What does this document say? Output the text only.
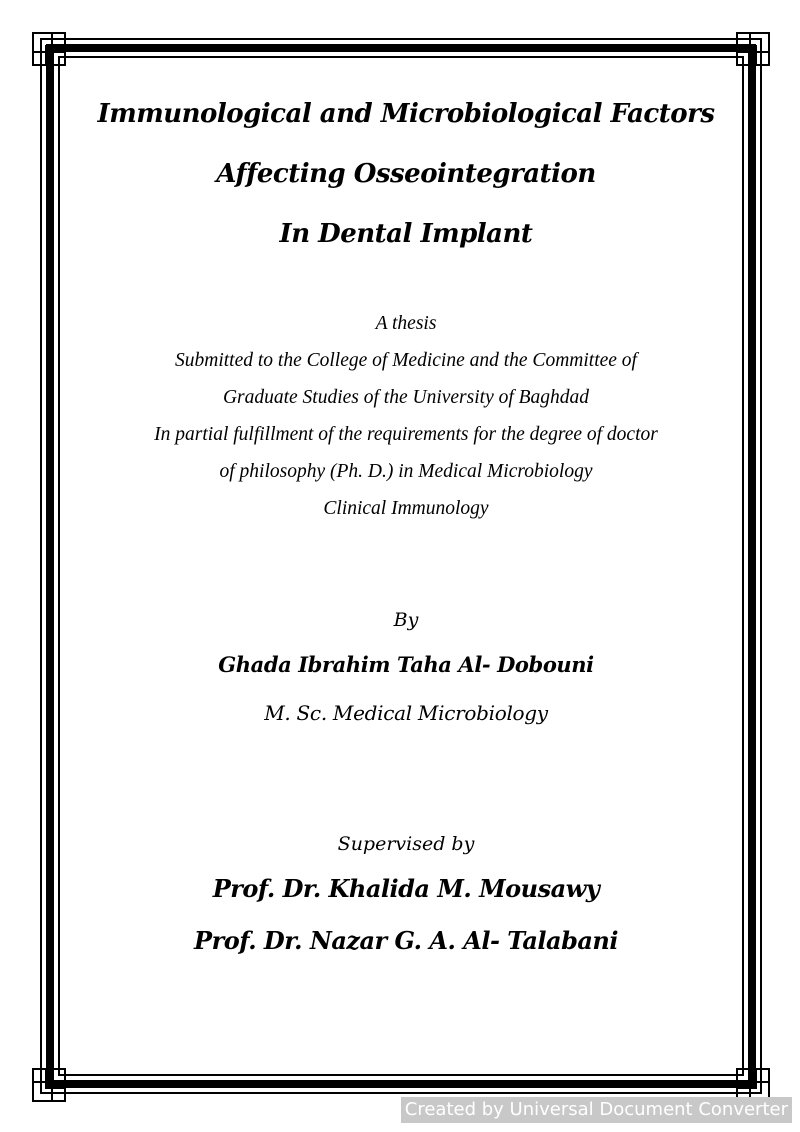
Immunological and Microbiological Factors
Affecting Osseointegration
In Dental Implant
A thesis
Submitted to the College of Medicine and the Committee of
Graduate Studies of the University of Baghdad
In partial fulfillment of the requirements for the degree of doctor
of philosophy (Ph. D.) in Medical Microbiology
Clinical Immunology
By
Ghada Ibrahim Taha Al- Dobouni
M. Sc. Medical Microbiology
Supervised by
Prof. Dr. Khalida M. Mousawy
Prof. Dr. Nazar G. A. Al- Talabani
Created by Universal Document Converter
